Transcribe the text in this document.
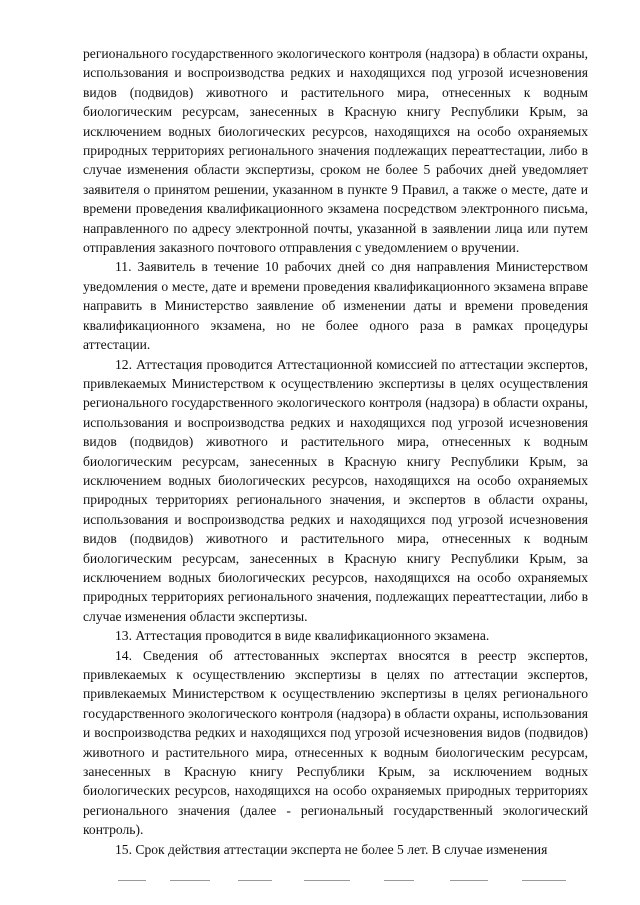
регионального государственного экологического контроля (надзора) в области охраны, использования и воспроизводства редких и находящихся под угрозой исчезновения видов (подвидов) животного и растительного мира, отнесенных к водным биологическим ресурсам, занесенных в Красную книгу Республики Крым, за исключением водных биологических ресурсов, находящихся на особо охраняемых природных территориях регионального значения подлежащих переаттестации, либо в случае изменения области экспертизы, сроком не более 5 рабочих дней уведомляет заявителя о принятом решении, указанном в пункте 9 Правил, а также о месте, дате и времени проведения квалификационного экзамена посредством электронного письма, направленного по адресу электронной почты, указанной в заявлении лица или путем отправления заказного почтового отправления с уведомлением о вручении.

11. Заявитель в течение 10 рабочих дней со дня направления Министерством уведомления о месте, дате и времени проведения квалификационного экзамена вправе направить в Министерство заявление об изменении даты и времени проведения квалификационного экзамена, но не более одного раза в рамках процедуры аттестации.

12. Аттестация проводится Аттестационной комиссией по аттестации экспертов, привлекаемых Министерством к осуществлению экспертизы в целях осуществления регионального государственного экологического контроля (надзора) в области охраны, использования и воспроизводства редких и находящихся под угрозой исчезновения видов (подвидов) животного и растительного мира, отнесенных к водным биологическим ресурсам, занесенных в Красную книгу Республики Крым, за исключением водных биологических ресурсов, находящихся на особо охраняемых природных территориях регионального значения, и экспертов в области охраны, использования и воспроизводства редких и находящихся под угрозой исчезновения видов (подвидов) животного и растительного мира, отнесенных к водным биологическим ресурсам, занесенных в Красную книгу Республики Крым, за исключением водных биологических ресурсов, находящихся на особо охраняемых природных территориях регионального значения, подлежащих переаттестации, либо в случае изменения области экспертизы.

13. Аттестация проводится в виде квалификационного экзамена.

14. Сведения об аттестованных экспертах вносятся в реестр экспертов, привлекаемых к осуществлению экспертизы в целях по аттестации экспертов, привлекаемых Министерством к осуществлению экспертизы в целях регионального государственного экологического контроля (надзора) в области охраны, использования и воспроизводства редких и находящихся под угрозой исчезновения видов (подвидов) животного и растительного мира, отнесенных к водным биологическим ресурсам, занесенных в Красную книгу Республики Крым, за исключением водных биологических ресурсов, находящихся на особо охраняемых природных территориях регионального значения (далее - региональный государственный экологический контроль).

15. Срок действия аттестации эксперта не более 5 лет. В случае изменения
